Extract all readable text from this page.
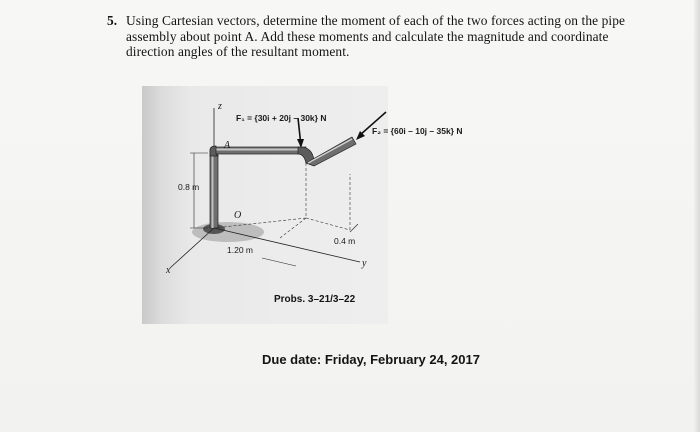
5. Using Cartesian vectors, determine the moment of each of the two forces acting on the pipe assembly about point A. Add these moments and calculate the magnitude and coordinate direction angles of the resultant moment.

F₁ = {30i + 20j – 30k} N
F₂ = {60i – 10j – 35k} N
0.8 m
1.20 m
0.4 m
z
x
y
A
O
Probs. 3–21/3–22
Due date: Friday, February 24, 2017
